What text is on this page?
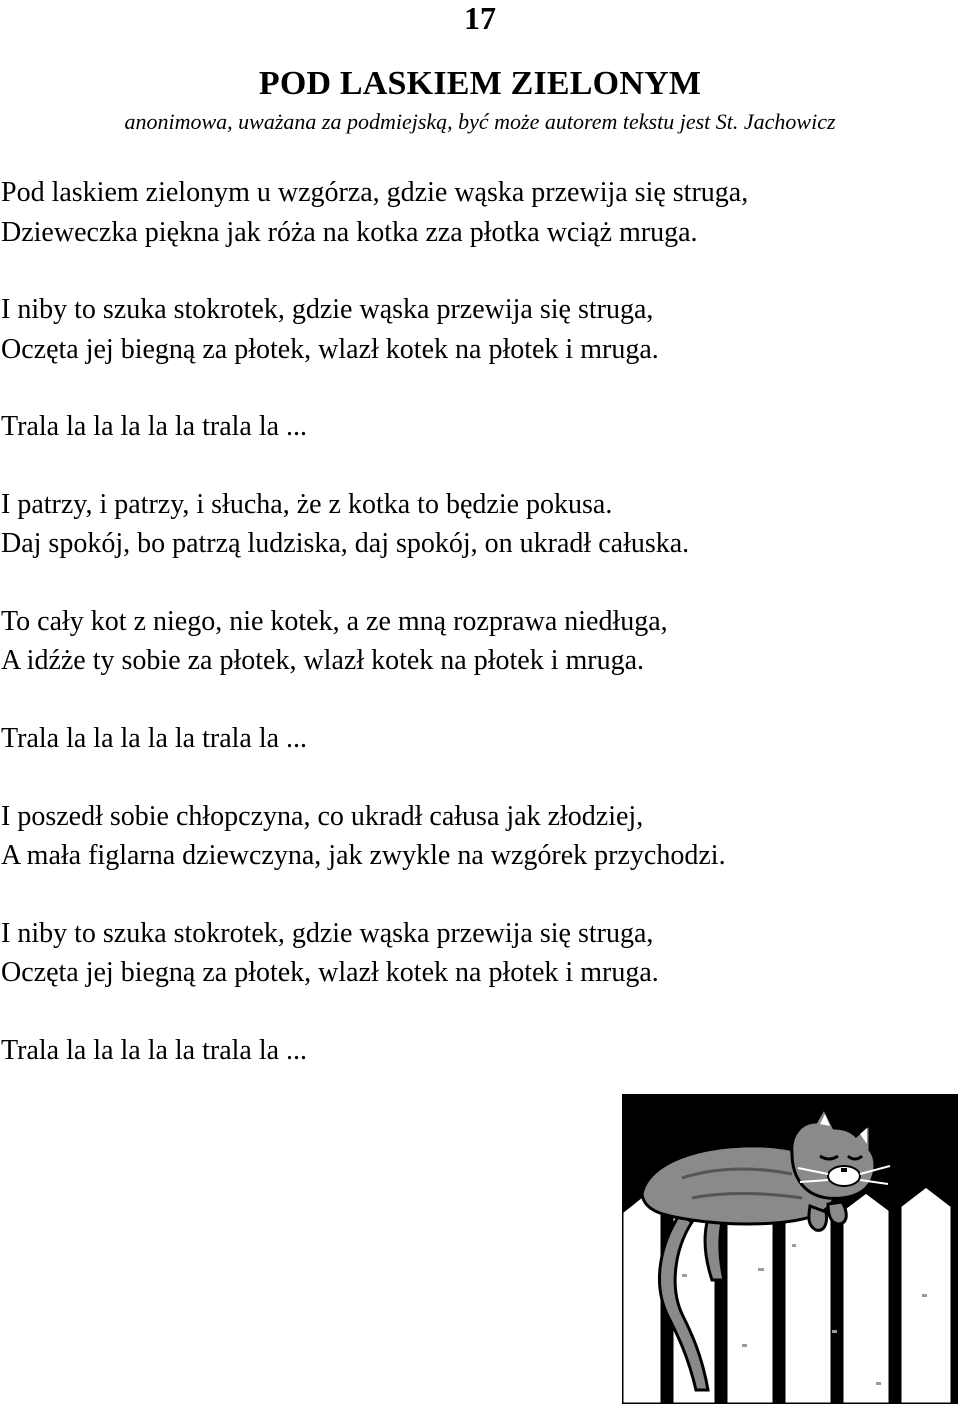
17
POD LASKIEM ZIELONYM
anonimowa, uważana za podmiejską, być może autorem tekstu jest St. Jachowicz
Pod laskiem zielonym u wzgórza, gdzie wąska przewija się struga,
Dzieweczka piękna jak róża na kotka zza płotka wciąż mruga.
I niby to szuka stokrotek, gdzie wąska przewija się struga,
Oczęta jej biegną za płotek, wlazł kotek na płotek i mruga.
Trala la la la la la trala la ...
I patrzy, i patrzy, i słucha, że z kotka to będzie pokusa.
Daj spokój, bo patrzą ludziska, daj spokój, on ukradł całuska.
To cały kot z niego, nie kotek, a ze mną rozprawa niedługa,
A idźże ty sobie za płotek, wlazł kotek na płotek i mruga.
Trala la la la la la trala la ...
I poszedł sobie chłopczyna, co ukradł całusa jak złodziej,
A mała figlarna dziewczyna, jak zwykle na wzgórek przychodzi.
I niby to szuka stokrotek, gdzie wąska przewija się struga,
Oczęta jej biegną za płotek, wlazł kotek na płotek i mruga.
Trala la la la la la trala la ...
